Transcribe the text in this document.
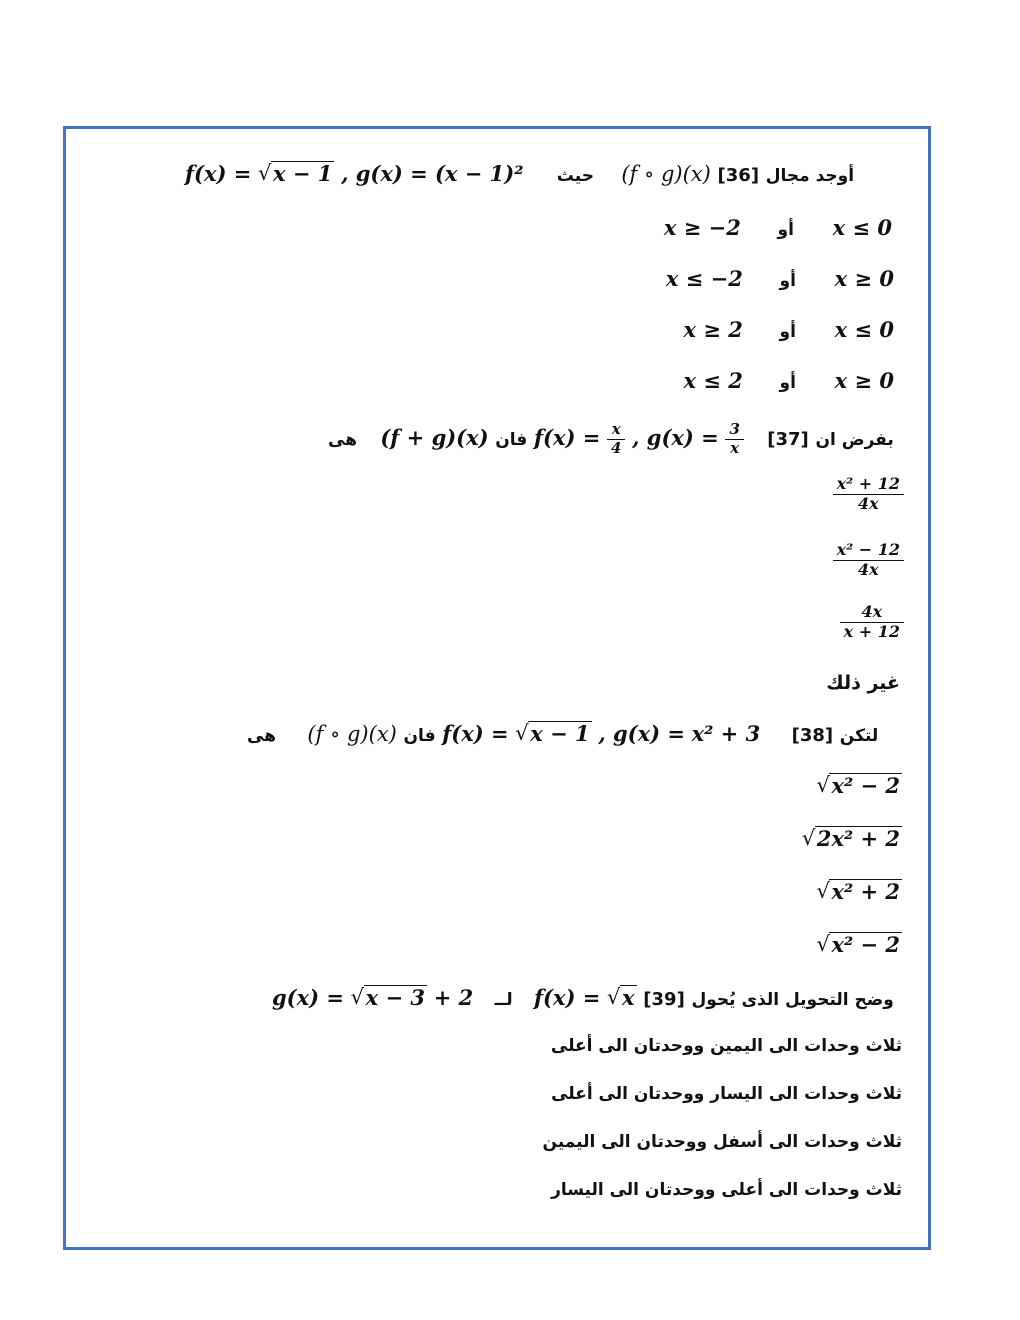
f(x) = √ x − 1 , g(x) = (x − 1)² حيث (f ∘ g)(x)	أوجد مجال [36]
x ≥ −2 أو x ≤ 0
x ≤ −2 أو x ≥ 0
x ≥ 2 أو x ≤ 0
x ≤ 2 أو x ≥ 0
هى (f + g)(x) فان $f(x) = \frac{x}{4}$ , $g(x) = \frac{3}{x}$	بفرض ان [37]
$\frac{\text{x² + 12}}{4x}$
$\frac{\text{x² − 12}}{4x}$
$\frac{4x}{x + 12}$
غير ذلك
هى (f ∘ g)(x) فان f(x) = √ x − 1 , g(x) = x² + 3	لتكن [38]
√ x² − 2
√ 2x² + 2
√ x² + 2
√ x² − 2
g(x) = √ x − 3 + 2 لــ f(x) = √ x	وضح التحويل الذى يُحول [39]
ثلاث وحدات الى اليمين ووحدتان الى أعلى
ثلاث وحدات الى اليسار ووحدتان الى أعلى
ثلاث وحدات الى أسفل ووحدتان الى اليمين
ثلاث وحدات الى أعلى ووحدتان الى اليسار
